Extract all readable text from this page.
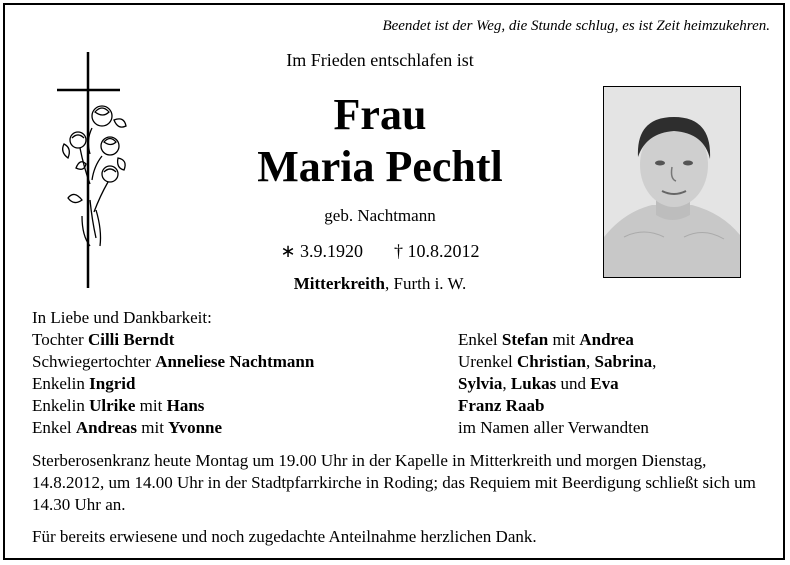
Beendet ist der Weg, die Stunde schlug, es ist Zeit heimzukehren.
Im Frieden entschlafen ist
Frau
Maria Pechtl
geb. Nachtmann
∗ 3.9.1920 † 10.8.2012
Mitterkreith, Furth i. W.
In Liebe und Dankbarkeit:
Tochter Cilli Berndt
Schwiegertochter Anneliese Nachtmann
Enkelin Ingrid
Enkelin Ulrike mit Hans
Enkel Andreas mit Yvonne
Enkel Stefan mit Andrea
Urenkel Christian, Sabrina,
Sylvia, Lukas und Eva
Franz Raab
im Namen aller Verwandten
Sterberosenkranz heute Montag um 19.00 Uhr in der Kapelle in Mitterkreith und morgen Dienstag, 14.8.2012, um 14.00 Uhr in der Stadtpfarrkirche in Roding; das Requiem mit Beerdigung schließt sich um 14.30 Uhr an.
Für bereits erwiesene und noch zugedachte Anteilnahme herzlichen Dank.
